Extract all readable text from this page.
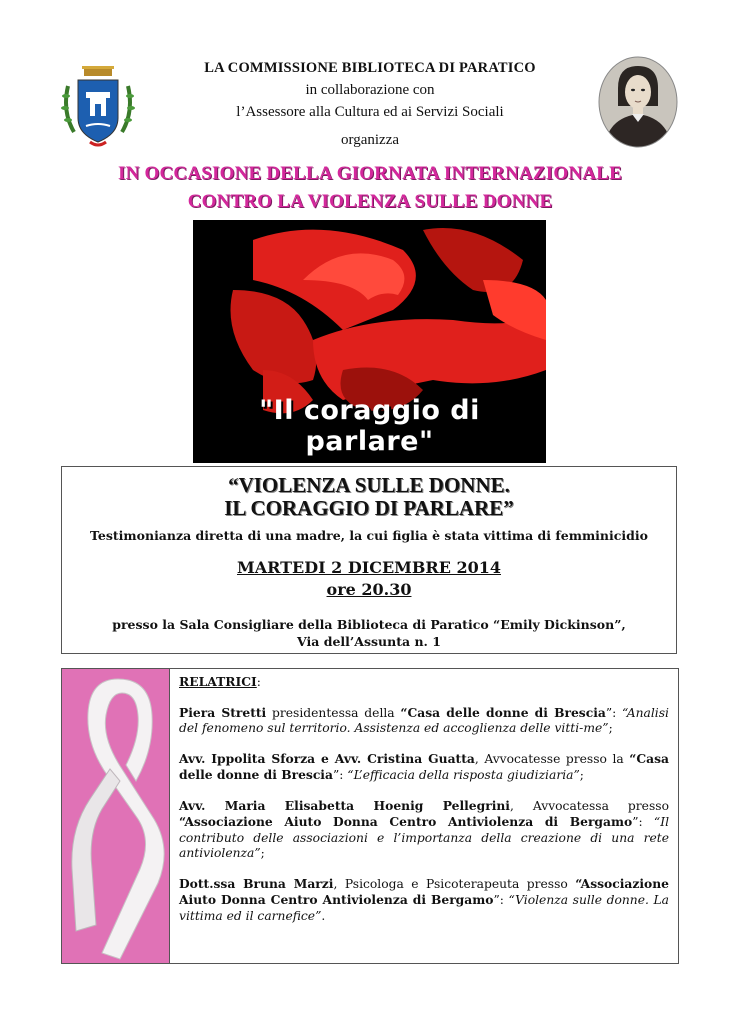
LA COMMISSIONE BIBLIOTECA DI PARATICO
in collaborazione con
l’Assessore alla Cultura ed ai Servizi Sociali
organizza
IN OCCASIONE DELLA GIORNATA INTERNAZIONALE
CONTRO LA VIOLENZA SULLE DONNE
"Il coraggio di parlare"
“VIOLENZA SULLE DONNE.
IL CORAGGIO DI PARLARE”
Testimonianza diretta di una madre, la cui figlia è stata vittima di femminicidio
MARTEDI 2 DICEMBRE 2014
ore 20.30
presso la Sala Consigliare della Biblioteca di Paratico “Emily Dickinson”,
Via dell’Assunta n. 1
RELATRICI:
Piera Stretti presidentessa della “Casa delle donne di Brescia”: “Analisi del fenomeno sul territorio. Assistenza ed accoglienza delle vitti-me”;
Avv. Ippolita Sforza e Avv. Cristina Guatta, Avvocatesse presso la “Casa delle donne di Brescia”: “L’efficacia della risposta giudiziaria”;
Avv. Maria Elisabetta Hoenig Pellegrini, Avvocatessa presso “Associazione Aiuto Donna Centro Antiviolenza di Bergamo”: “Il contributo delle associazioni e l’importanza della creazione di una rete antiviolenza”;
Dott.ssa Bruna Marzi, Psicologa e Psicoterapeuta presso “Associazione Aiuto Donna Centro Antiviolenza di Bergamo”: “Violenza sulle donne. La vittima ed il carnefice”.
